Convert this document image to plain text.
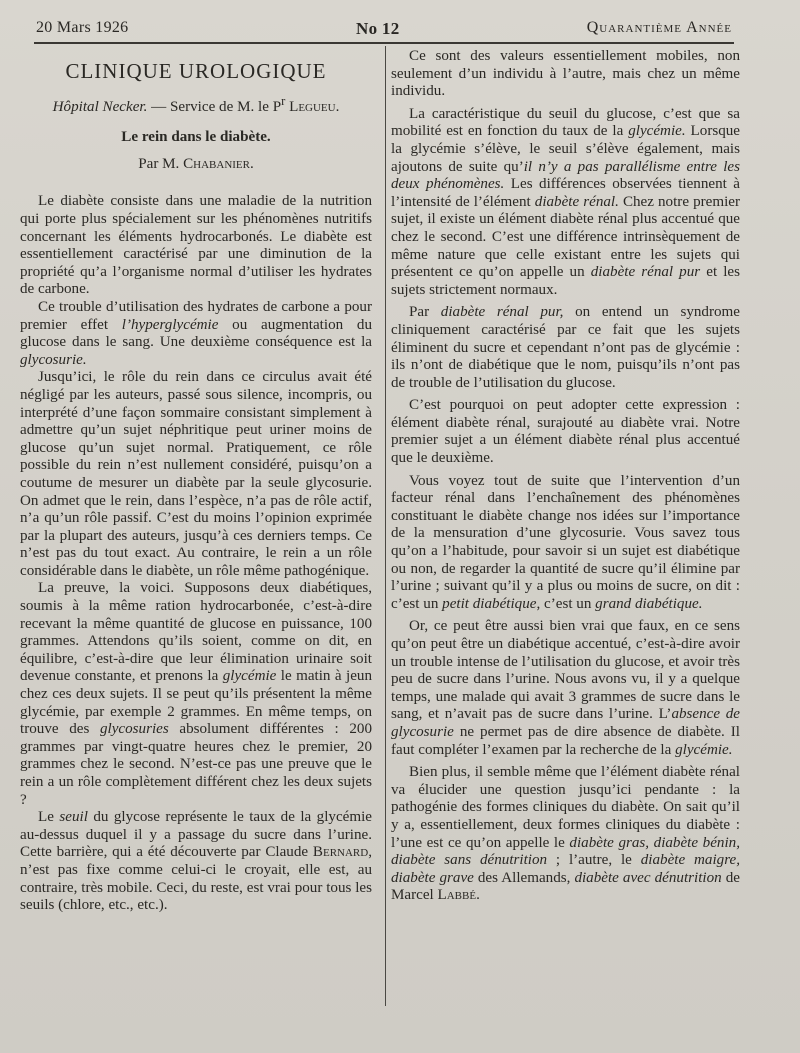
20 Mars 1926	No 12	Quarantième Année

CLINIQUE UROLOGIQUE

Hôpital Necker. — Service de M. le $P^r$ Legueu.

Le rein dans le diabète.

Par M. Chabanier.

Le diabète consiste dans une maladie de la nutrition qui porte plus spécialement sur les phénomènes nutritifs concernant les éléments hydrocarbonés. Le diabète est essentiellement caractérisé par une diminution de la propriété qu’a l’organisme normal d’utiliser les hydrates de carbone.

Ce trouble d’utilisation des hydrates de carbone a pour premier effet l’hyperglycémie ou augmentation du glucose dans le sang. Une deuxième conséquence est la glycosurie.

Jusqu’ici, le rôle du rein dans ce circulus avait été négligé par les auteurs, passé sous silence, incompris, ou interprété d’une façon sommaire consistant simplement à admettre qu’un sujet néphritique peut uriner moins de glucose qu’un sujet normal. Pratiquement, ce rôle possible du rein n’est nullement considéré, puisqu’on a coutume de mesurer un diabète par la seule glycosurie. On admet que le rein, dans l’espèce, n’a pas de rôle actif, n’a qu’un rôle passif. C’est du moins l’opinion exprimée par la plupart des auteurs, jusqu’à ces derniers temps. Ce n’est pas du tout exact. Au contraire, le rein a un rôle considérable dans le diabète, un rôle même pathogénique.

La preuve, la voici. Supposons deux diabétiques, soumis à la même ration hydrocarbonée, c’est-à-dire recevant la même quantité de glucose en puissance, 100 grammes. Attendons qu’ils soient, comme on dit, en équilibre, c’est-à-dire que leur élimination urinaire soit devenue constante, et prenons la glycémie le matin à jeun chez ces deux sujets. Il se peut qu’ils présentent la même glycémie, par exemple 2 grammes. En même temps, on trouve des glycosuries absolument différentes : 200 grammes par vingt-quatre heures chez le premier, 20 grammes chez le second. N’est-ce pas une preuve que le rein a un rôle complètement différent chez les deux sujets ?

Le seuil du glycose représente le taux de la glycémie au-dessus duquel il y a passage du sucre dans l’urine. Cette barrière, qui a été découverte par Claude Bernard, n’est pas fixe comme celui-ci le croyait, elle est, au contraire, très mobile. Ceci, du reste, est vrai pour tous les seuils (chlore, etc., etc.).

Ce sont des valeurs essentiellement mobiles, non seulement d’un individu à l’autre, mais chez un même individu.

La caractéristique du seuil du glucose, c’est que sa mobilité est en fonction du taux de la glycémie. Lorsque la glycémie s’élève, le seuil s’élève également, mais ajoutons de suite qu’il n’y a pas parallélisme entre les deux phénomènes. Les différences observées tiennent à l’intensité de l’élément diabète rénal. Chez notre premier sujet, il existe un élément diabète rénal plus accentué que chez le second. C’est une différence intrinsèquement de même nature que celle existant entre les sujets qui présentent ce qu’on appelle un diabète rénal pur et les sujets strictement normaux.

Par diabète rénal pur, on entend un syndrome cliniquement caractérisé par ce fait que les sujets éliminent du sucre et cependant n’ont pas de glycémie : ils n’ont de diabétique que le nom, puisqu’ils n’ont pas de trouble de l’utilisation du glucose.

C’est pourquoi on peut adopter cette expression : élément diabète rénal, surajouté au diabète vrai. Notre premier sujet a un élément diabète rénal plus accentué que le deuxième.

Vous voyez tout de suite que l’intervention d’un facteur rénal dans l’enchaînement des phénomènes constituant le diabète change nos idées sur l’importance de la mensuration d’une glycosurie. Vous savez tous qu’on a l’habitude, pour savoir si un sujet est diabétique ou non, de regarder la quantité de sucre qu’il élimine par l’urine ; suivant qu’il y a plus ou moins de sucre, on dit : c’est un petit diabétique, c’est un grand diabétique.

Or, ce peut être aussi bien vrai que faux, en ce sens qu’on peut être un diabétique accentué, c’est-à-dire avoir un trouble intense de l’utilisation du glucose, et avoir très peu de sucre dans l’urine. Nous avons vu, il y a quelque temps, une malade qui avait 3 grammes de sucre dans le sang, et n’avait pas de sucre dans l’urine. L’absence de glycosurie ne permet pas de dire absence de diabète. Il faut compléter l’examen par la recherche de la glycémie.

Bien plus, il semble même que l’élément diabète rénal va élucider une question jusqu’ici pendante : la pathogénie des formes cliniques du diabète. On sait qu’il y a, essentiellement, deux formes cliniques du diabète : l’une est ce qu’on appelle le diabète gras, diabète bénin, diabète sans dénutrition ; l’autre, le diabète maigre, diabète grave des Allemands, diabète avec dénutrition de Marcel Labbé.
